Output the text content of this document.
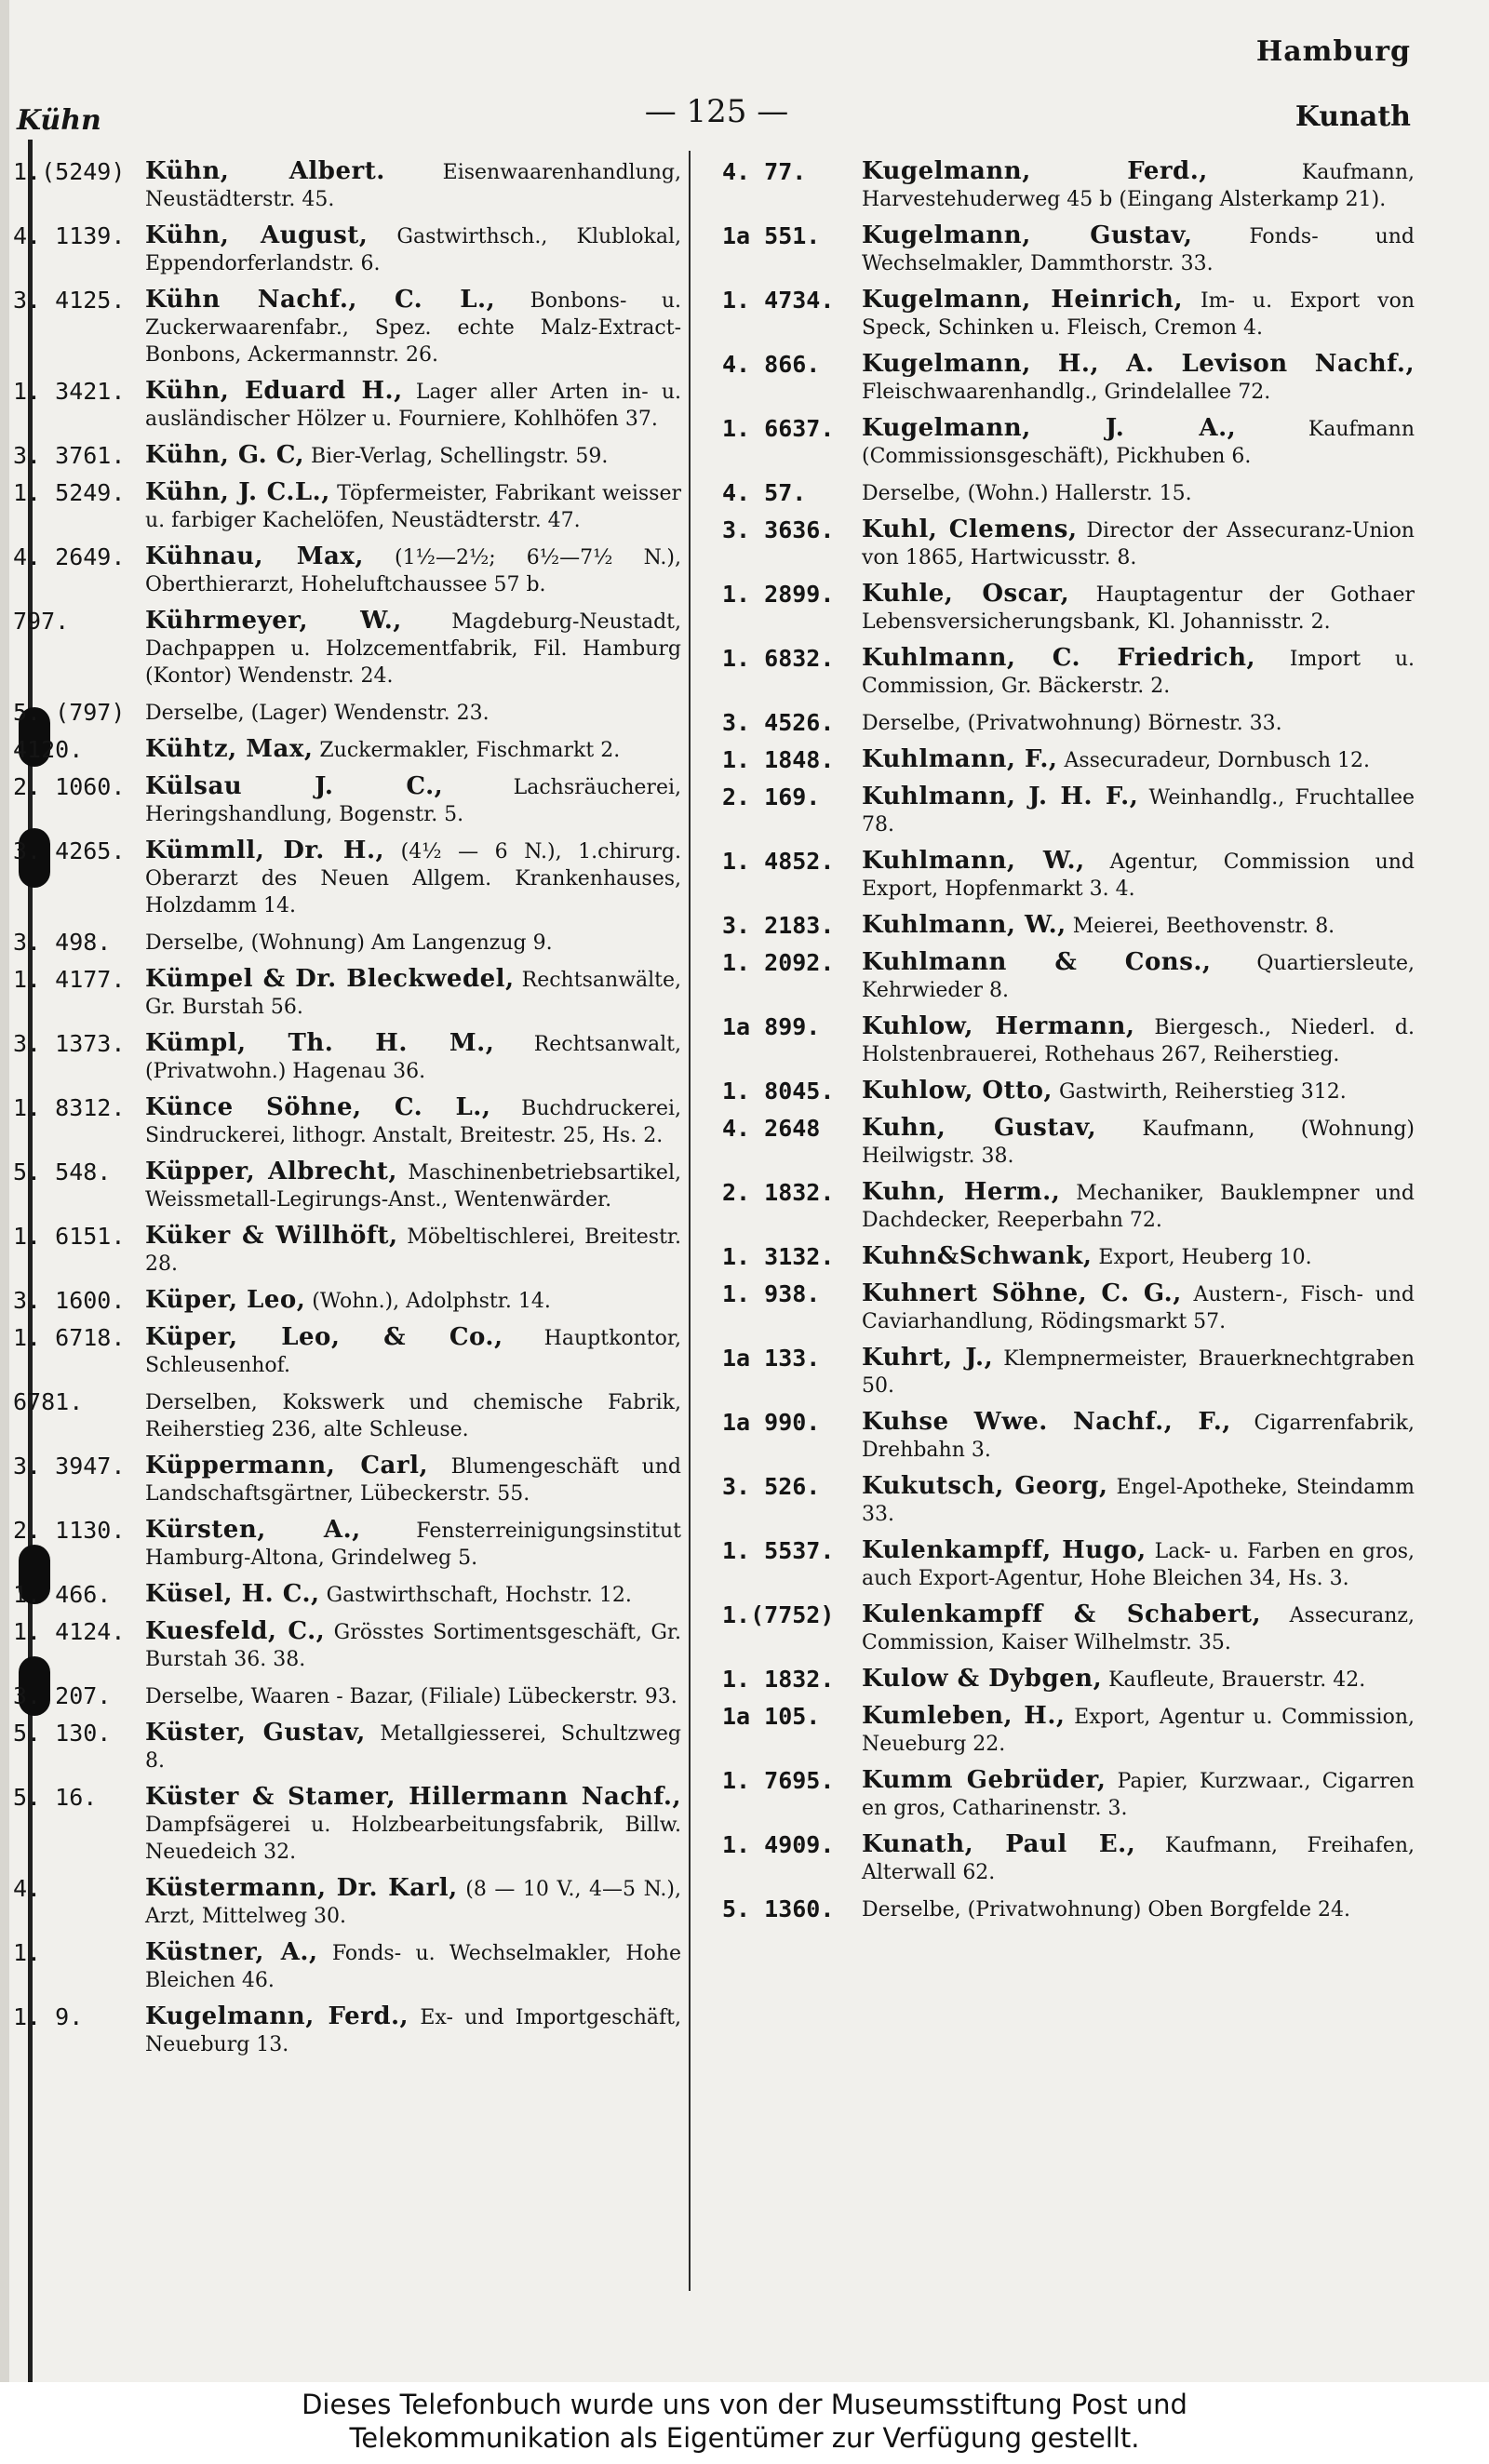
Hamburg
Kühn	— 125 —	Kunath
1.(5249) Kühn, Albert.	Eisenwaarenhandlung, Neustädterstr. 45.
4. 1139. Kühn, August, Gastwirthsch., Klublokal, Eppendorferlandstr. 6.
3. 4125. Kühn Nachf., C. L., Bonbons- u. Zuckerwaarenfabr., Spez. echte Malz-Extract-Bonbons, Ackermannstr. 26.
1. 3421. Kühn, Eduard H., Lager aller Arten in- u. ausländischer Hölzer u. Fourniere, Kohlhöfen 37.
3. 3761. Kühn, G. C, Bier-Verlag, Schellingstr. 59.
1. 5249. Kühn, J. C.L., Töpfermeister, Fabrikant weisser u. farbiger Kachelöfen, Neustädterstr. 47.
4. 2649. Kühnau, Max, (1½—2½; 6½—7½ N.), Oberthierarzt, Hoheluftchaussee 57 b.
797.	Kührmeyer, W., Magdeburg-Neustadt, Dachpappen u. Holzcementfabrik, Fil. Hamburg (Kontor) Wendenstr. 24.
5. (797) Derselbe, (Lager) Wendenstr. 23.
4120.	Kühtz, Max, Zuckermakler, Fischmarkt 2.
2. 1060. Külsau J. C.,	Lachsräucherei, Heringshandlung, Bogenstr. 5.
3. 4265. Kümmll, Dr. H., (4½ — 6 N.), 1.chirurg. Oberarzt des Neuen Allgem. Krankenhauses, Holzdamm 14.
3. 498.	Derselbe, (Wohnung) Am Langenzug 9.
1. 4177. Kümpel & Dr. Bleckwedel, Rechtsanwälte, Gr. Burstah 56.
3. 1373. Kümpl, Th. H. M., Rechtsanwalt, (Privatwohn.) Hagenau 36.
1. 8312. Künce Söhne, C. L., Buchdruckerei, Sindruckerei, lithogr. Anstalt, Breitestr. 25, Hs. 2.
5. 548.	Küpper, Albrecht, Maschinenbetriebsartikel, Weissmetall-Legirungs-Anst., Wentenwärder.
1. 6151. Küker & Willhöft, Möbeltischlerei, Breitestr. 28.
3. 1600. Küper, Leo, (Wohn.), Adolphstr. 14.
1. 6718. Küper, Leo, & Co., Hauptkontor, Schleusenhof.
6781.	Derselben, Kokswerk und chemische Fabrik, Reiherstieg 236, alte Schleuse.
3. 3947. Küppermann, Carl, Blumengeschäft und Landschaftsgärtner, Lübeckerstr. 55.
2. 1130. Kürsten, A.,	Fensterreinigungsinstitut Hamburg-Altona, Grindelweg 5.
1. 466.	Küsel, H. C., Gastwirthschaft, Hochstr. 12.
1. 4124. Kuesfeld, C., Grösstes Sortimentsgeschäft, Gr. Burstah 36. 38.
3. 207.	Derselbe, Waaren - Bazar, (Filiale) Lübeckerstr. 93.
5. 130.	Küster, Gustav, Metallgiesserei, Schultzweg 8.
5. 16.	Küster & Stamer, Hillermann Nachf., Dampfsägerei u. Holzbearbeitungsfabrik, Billw. Neuedeich 32.
4.	Küstermann, Dr. Karl, (8 — 10 V., 4—5 N.), Arzt, Mittelweg 30.
1.	Küstner, A., Fonds- u. Wechselmakler, Hohe Bleichen 46.
1. 9.	Kugelmann, Ferd., Ex- und Importgeschäft, Neueburg 13.
4. 77.	Kugelmann, Ferd.,	Kaufmann, Harvestehuderweg 45 b (Eingang Alsterkamp 21).
1a 551.	Kugelmann, Gustav,	Fonds- und Wechselmakler, Dammthorstr. 33.
1. 4734.	Kugelmann, Heinrich, Im- u. Export von Speck, Schinken u. Fleisch, Cremon 4.
4. 866.	Kugelmann, H., A. Levison Nachf., Fleischwaarenhandlg., Grindelallee 72.
1. 6637.	Kugelmann, J. A.,	Kaufmann (Commissionsgeschäft), Pickhuben 6.
4. 57.	Derselbe, (Wohn.) Hallerstr. 15.
3. 3636.	Kuhl, Clemens, Director der Assecuranz-Union von 1865, Hartwicusstr. 8.
1. 2899.	Kuhle, Oscar, Hauptagentur der Gothaer Lebensversicherungsbank, Kl. Johannisstr. 2.
1. 6832.	Kuhlmann, C. Friedrich, Import u. Commission, Gr. Bäckerstr. 2.
3. 4526.	Derselbe, (Privatwohnung) Börnestr. 33.
1. 1848.	Kuhlmann, F., Assecuradeur, Dornbusch 12.
2. 169.	Kuhlmann, J. H. F., Weinhandlg., Fruchtallee 78.
1. 4852.	Kuhlmann, W., Agentur, Commission und Export, Hopfenmarkt 3. 4.
3. 2183.	Kuhlmann, W., Meierei, Beethovenstr. 8.
1. 2092.	Kuhlmann & Cons., Quartiersleute, Kehrwieder 8.
1a 899.	Kuhlow, Hermann, Biergesch., Niederl. d. Holstenbrauerei, Rothehaus 267, Reiherstieg.
1. 8045.	Kuhlow, Otto, Gastwirth, Reiherstieg 312.
4. 2648	Kuhn, Gustav, Kaufmann, (Wohnung) Heilwigstr. 38.
2. 1832.	Kuhn, Herm., Mechaniker, Bauklempner und Dachdecker, Reeperbahn 72.
1. 3132.	Kuhn&Schwank, Export, Heuberg 10.
1. 938.	Kuhnert Söhne, C. G., Austern-, Fisch- und Caviarhandlung, Rödingsmarkt 57.
1a 133.	Kuhrt, J., Klempnermeister, Brauerknechtgraben 50.
1a 990.	Kuhse Wwe. Nachf., F., Cigarrenfabrik, Drehbahn 3.
3. 526.	Kukutsch, Georg, Engel-Apotheke, Steindamm 33.
1. 5537.	Kulenkampff, Hugo, Lack- u. Farben en gros, auch Export-Agentur, Hohe Bleichen 34, Hs. 3.
1.(7752)	Kulenkampff & Schabert, Assecuranz, Commission, Kaiser Wilhelmstr. 35.
1. 1832.	Kulow & Dybgen, Kaufleute, Brauerstr. 42.
1a 105.	Kumleben, H., Export, Agentur u. Commission, Neueburg 22.
1. 7695.	Kumm Gebrüder, Papier, Kurzwaar., Cigarren en gros, Catharinenstr. 3.
1. 4909.	Kunath, Paul E., Kaufmann, Freihafen, Alterwall 62.
5. 1360.	Derselbe, (Privatwohnung) Oben Borgfelde 24.
Dieses Telefonbuch wurde uns von der Museumsstiftung Post und
Telekommunikation als Eigentümer zur Verfügung gestellt.
